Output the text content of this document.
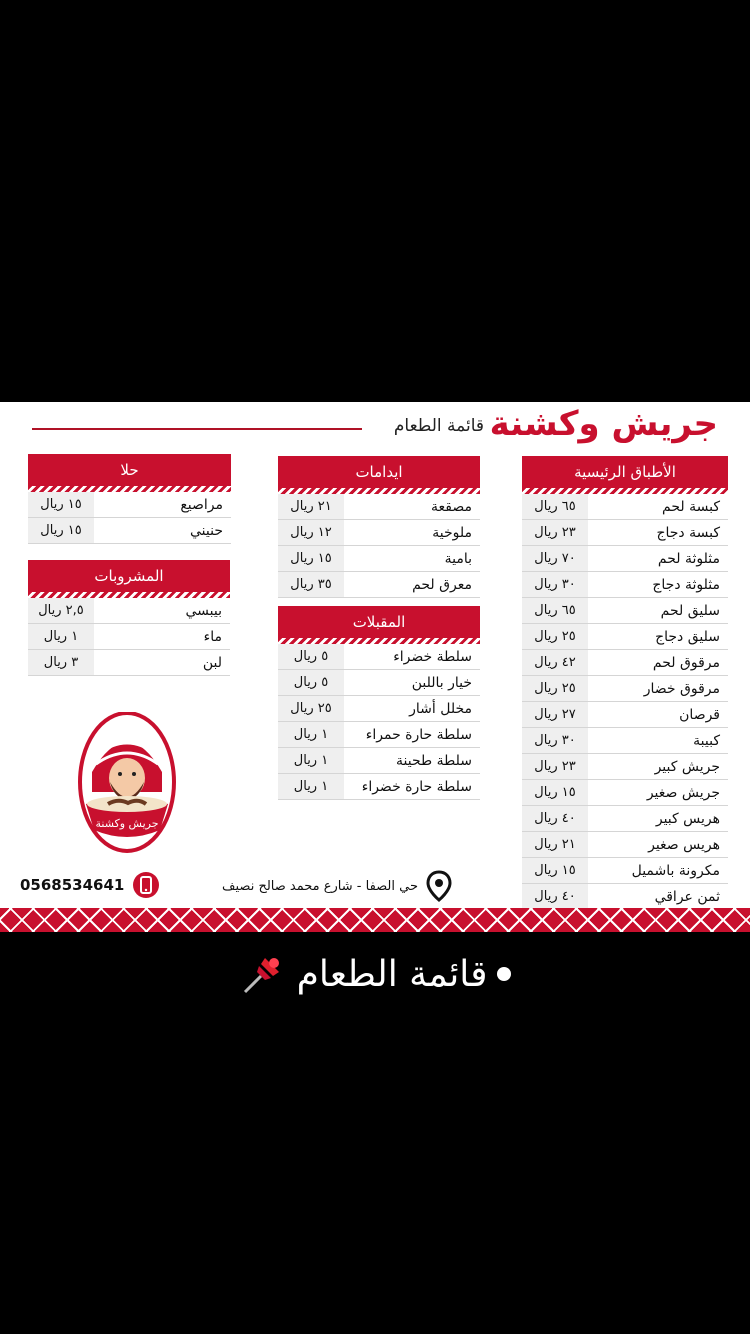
جريش وكشنة
قائمة الطعام
الأطباق الرئيسية
كبسة لحم
٦٥ ريال
كبسة دجاج
٢٣ ريال
مثلوثة لحم
٧٠ ريال
مثلوثة دجاج
٣٠ ريال
سليق لحم
٦٥ ريال
سليق دجاج
٢٥ ريال
مرقوق لحم
٤٢ ريال
مرقوق خضار
٢٥ ريال
قرصان
٢٧ ريال
كبيبة
٣٠ ريال
جريش كبير
٢٣ ريال
جريش صغير
١٥ ريال
هريس كبير
٤٠ ريال
هريس صغير
٢١ ريال
مكرونة باشميل
١٥ ريال
ثمن عراقي
٤٠ ريال
ايدامات
مصقعة
٢١ ريال
ملوخية
١٢ ريال
بامية
١٥ ريال
معرق لحم
٣٥ ريال
المقبلات
سلطة خضراء
٥ ريال
خيار باللبن
٥ ريال
مخلل أشار
٢٥ ريال
سلطة حارة حمراء
١ ريال
سلطة طحينة
١ ريال
سلطة حارة خضراء
١ ريال
حلا
مراصيع
١٥ ريال
حنيني
١٥ ريال
المشروبات
بيبسي
٢,٥ ريال
ماء
١ ريال
لبن
٣ ريال
جريش وكشنة
حي الصفا - شارع محمد صالح نصيف
0568534641
قائمة الطعام
